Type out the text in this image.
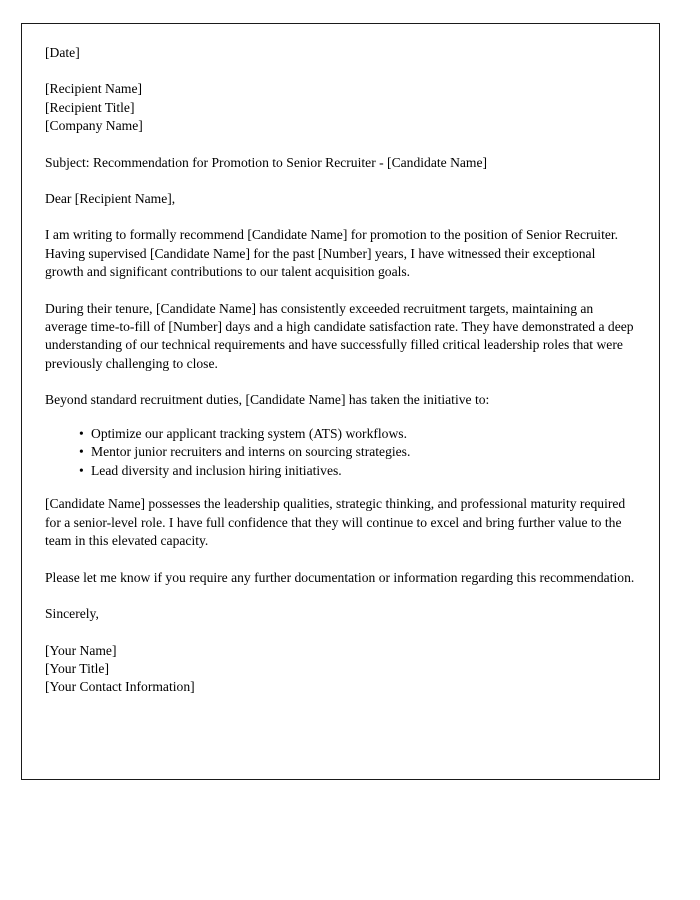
[Date]
[Recipient Name]
[Recipient Title]
[Company Name]
Subject: Recommendation for Promotion to Senior Recruiter - [Candidate Name]
Dear [Recipient Name],

I am writing to formally recommend [Candidate Name] for promotion to the position of Senior Recruiter. Having supervised [Candidate Name] for the past [Number] years, I have witnessed their exceptional growth and significant contributions to our talent acquisition goals.

During their tenure, [Candidate Name] has consistently exceeded recruitment targets, maintaining an average time-to-fill of [Number] days and a high candidate satisfaction rate. They have demonstrated a deep understanding of our technical requirements and have successfully filled critical leadership roles that were previously challenging to close.

Beyond standard recruitment duties, [Candidate Name] has taken the initiative to:

• Optimize our applicant tracking system (ATS) workflows.
• Mentor junior recruiters and interns on sourcing strategies.
• Lead diversity and inclusion hiring initiatives.

[Candidate Name] possesses the leadership qualities, strategic thinking, and professional maturity required for a senior-level role. I have full confidence that they will continue to excel and bring further value to the team in this elevated capacity.

Please let me know if you require any further documentation or information regarding this recommendation.

Sincerely,
[Your Name]
[Your Title]
[Your Contact Information]
